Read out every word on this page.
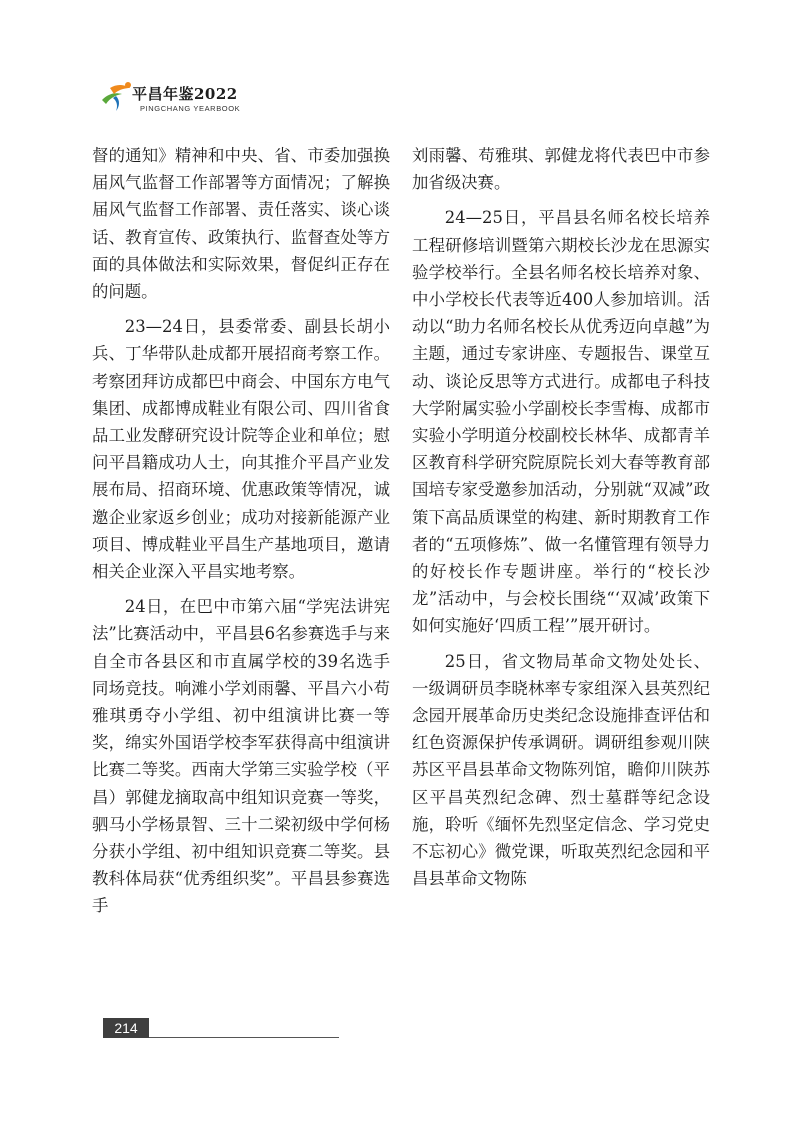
平昌年鉴2022
PINGCHANG YEARBOOK

督的通知》精神和中央、省、市委加强换届风气监督工作部署等方面情况；了解换届风气监督工作部署、责任落实、谈心谈话、教育宣传、政策执行、监督查处等方面的具体做法和实际效果，督促纠正存在的问题。

23—24日，县委常委、副县长胡小兵、丁华带队赴成都开展招商考察工作。考察团拜访成都巴中商会、中国东方电气集团、成都博成鞋业有限公司、四川省食品工业发酵研究设计院等企业和单位；慰问平昌籍成功人士，向其推介平昌产业发展布局、招商环境、优惠政策等情况，诚邀企业家返乡创业；成功对接新能源产业项目、博成鞋业平昌生产基地项目，邀请相关企业深入平昌实地考察。

24日，在巴中市第六届“学宪法讲宪法”比赛活动中，平昌县6名参赛选手与来自全市各县区和市直属学校的39名选手同场竞技。响滩小学刘雨馨、平昌六小苟雅琪勇夺小学组、初中组演讲比赛一等奖，绵实外国语学校李军获得高中组演讲比赛二等奖。西南大学第三实验学校（平昌）郭健龙摘取高中组知识竞赛一等奖，驷马小学杨景智、三十二梁初级中学何杨分获小学组、初中组知识竞赛二等奖。县教科体局获“优秀组织奖”。平昌县参赛选手

刘雨馨、苟雅琪、郭健龙将代表巴中市参加省级决赛。

24—25日，平昌县名师名校长培养工程研修培训暨第六期校长沙龙在思源实验学校举行。全县名师名校长培养对象、中小学校长代表等近400人参加培训。活动以“助力名师名校长从优秀迈向卓越”为主题，通过专家讲座、专题报告、课堂互动、谈论反思等方式进行。成都电子科技大学附属实验小学副校长李雪梅、成都市实验小学明道分校副校长林华、成都青羊区教育科学研究院原院长刘大春等教育部国培专家受邀参加活动，分别就“双减”政策下高品质课堂的构建、新时期教育工作者的“五项修炼”、做一名懂管理有领导力的好校长作专题讲座。举行的“校长沙龙”活动中，与会校长围绕“‘双减’政策下如何实施好‘四质工程’”展开研讨。

25日，省文物局革命文物处处长、一级调研员李晓林率专家组深入县英烈纪念园开展革命历史类纪念设施排查评估和红色资源保护传承调研。调研组参观川陕苏区平昌县革命文物陈列馆，瞻仰川陕苏区平昌英烈纪念碑、烈士墓群等纪念设施，聆听《缅怀先烈坚定信念、学习党史不忘初心》微党课，听取英烈纪念园和平昌县革命文物陈

214
